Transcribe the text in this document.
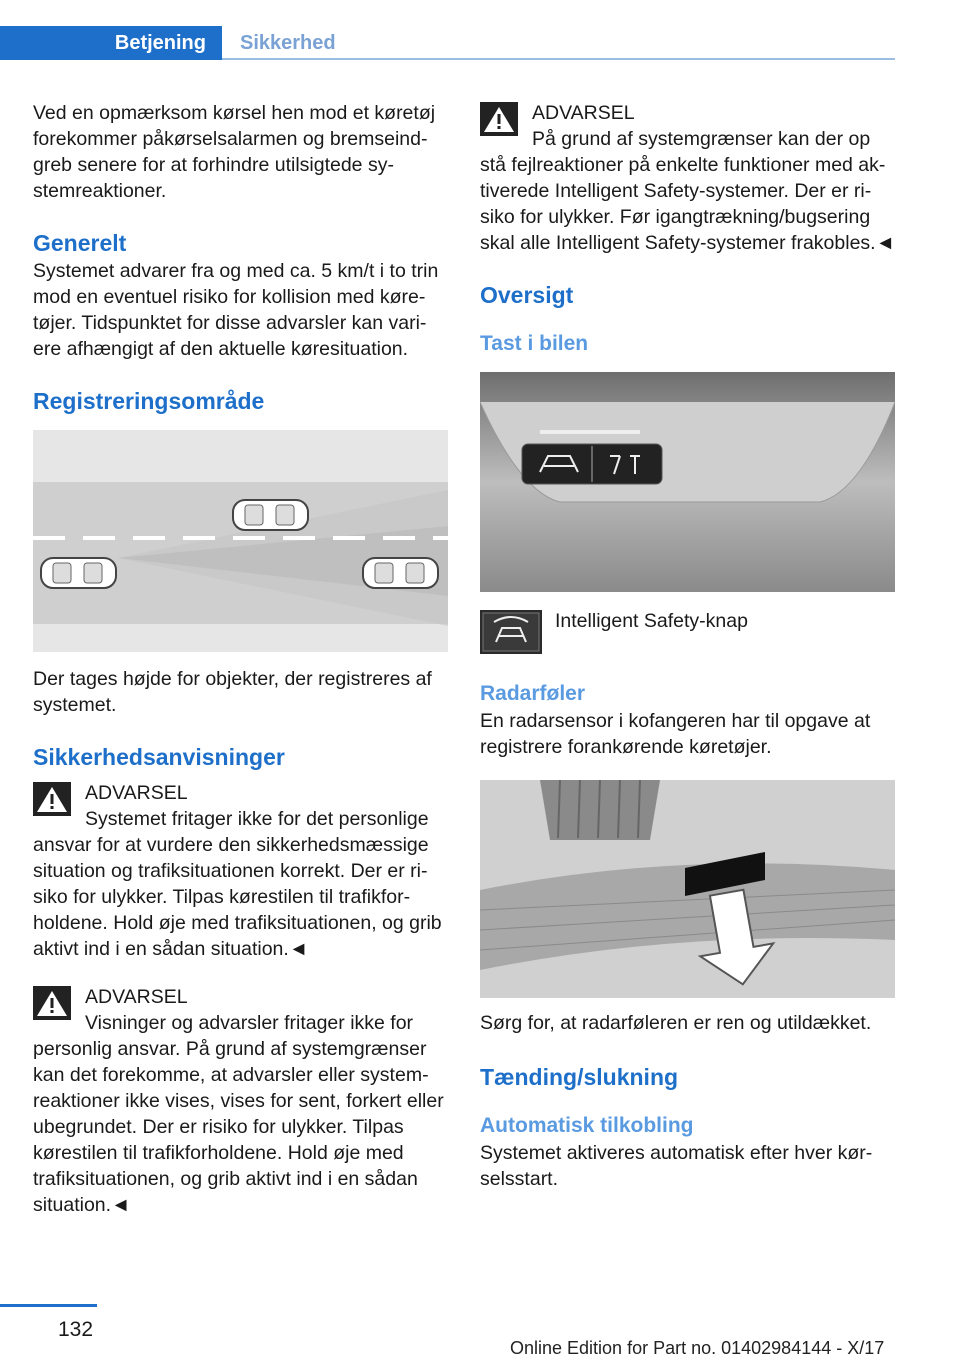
Betjening	Sikkerhed

Ved en opmærksom kørsel hen mod et køretøj forekommer påkørselsalarmen og bremseindgreb senere for at forhindre utilsigtede systemreaktioner.

Generelt

Systemet advarer fra og med ca. 5 km/t i to trin mod en eventuel risiko for kollision med køretøjer. Tidspunktet for disse advarsler kan variere afhængigt af den aktuelle køresituation.

Registreringsområde

Der tages højde for objekter, der registreres af systemet.

Sikkerhedsanvisninger
ADVARSEL
Systemet fritager ikke for det personlige
ansvar for at vurdere den sikkerhedsmæssige situation og trafiksituationen korrekt. Der er risiko for ulykker. Tilpas kørestilen til trafikforholdene. Hold øje med trafiksituationen, og grib aktivt ind i en sådan situation.◄
ADVARSEL
Visninger og advarsler fritager ikke for
personlig ansvar. På grund af systemgrænser kan det forekomme, at advarsler eller systemreaktioner ikke vises, vises for sent, forkert eller ubegrundet. Der er risiko for ulykker. Tilpas kørestilen til trafikforholdene. Hold øje med trafiksituationen, og grib aktivt ind i en sådan situation.◄
ADVARSEL
På grund af systemgrænser kan der op
stå fejlreaktioner på enkelte funktioner med aktiverede Intelligent Safety-systemer. Der er risiko for ulykker. Før igangtrækning/bugsering skal alle Intelligent Safety-systemer frakobles.◄
Oversigt
Tast i bilen
Intelligent Safety-knap
Radarføler

En radarsensor i kofangeren har til opgave at registrere forankørende køretøjer.

Sørg for, at radarføleren er ren og utildækket.

Tænding/slukning
Automatisk tilkobling

Systemet aktiveres automatisk efter hver kørselsstart.

132
Online Edition for Part no. 01402984144 - X/17
